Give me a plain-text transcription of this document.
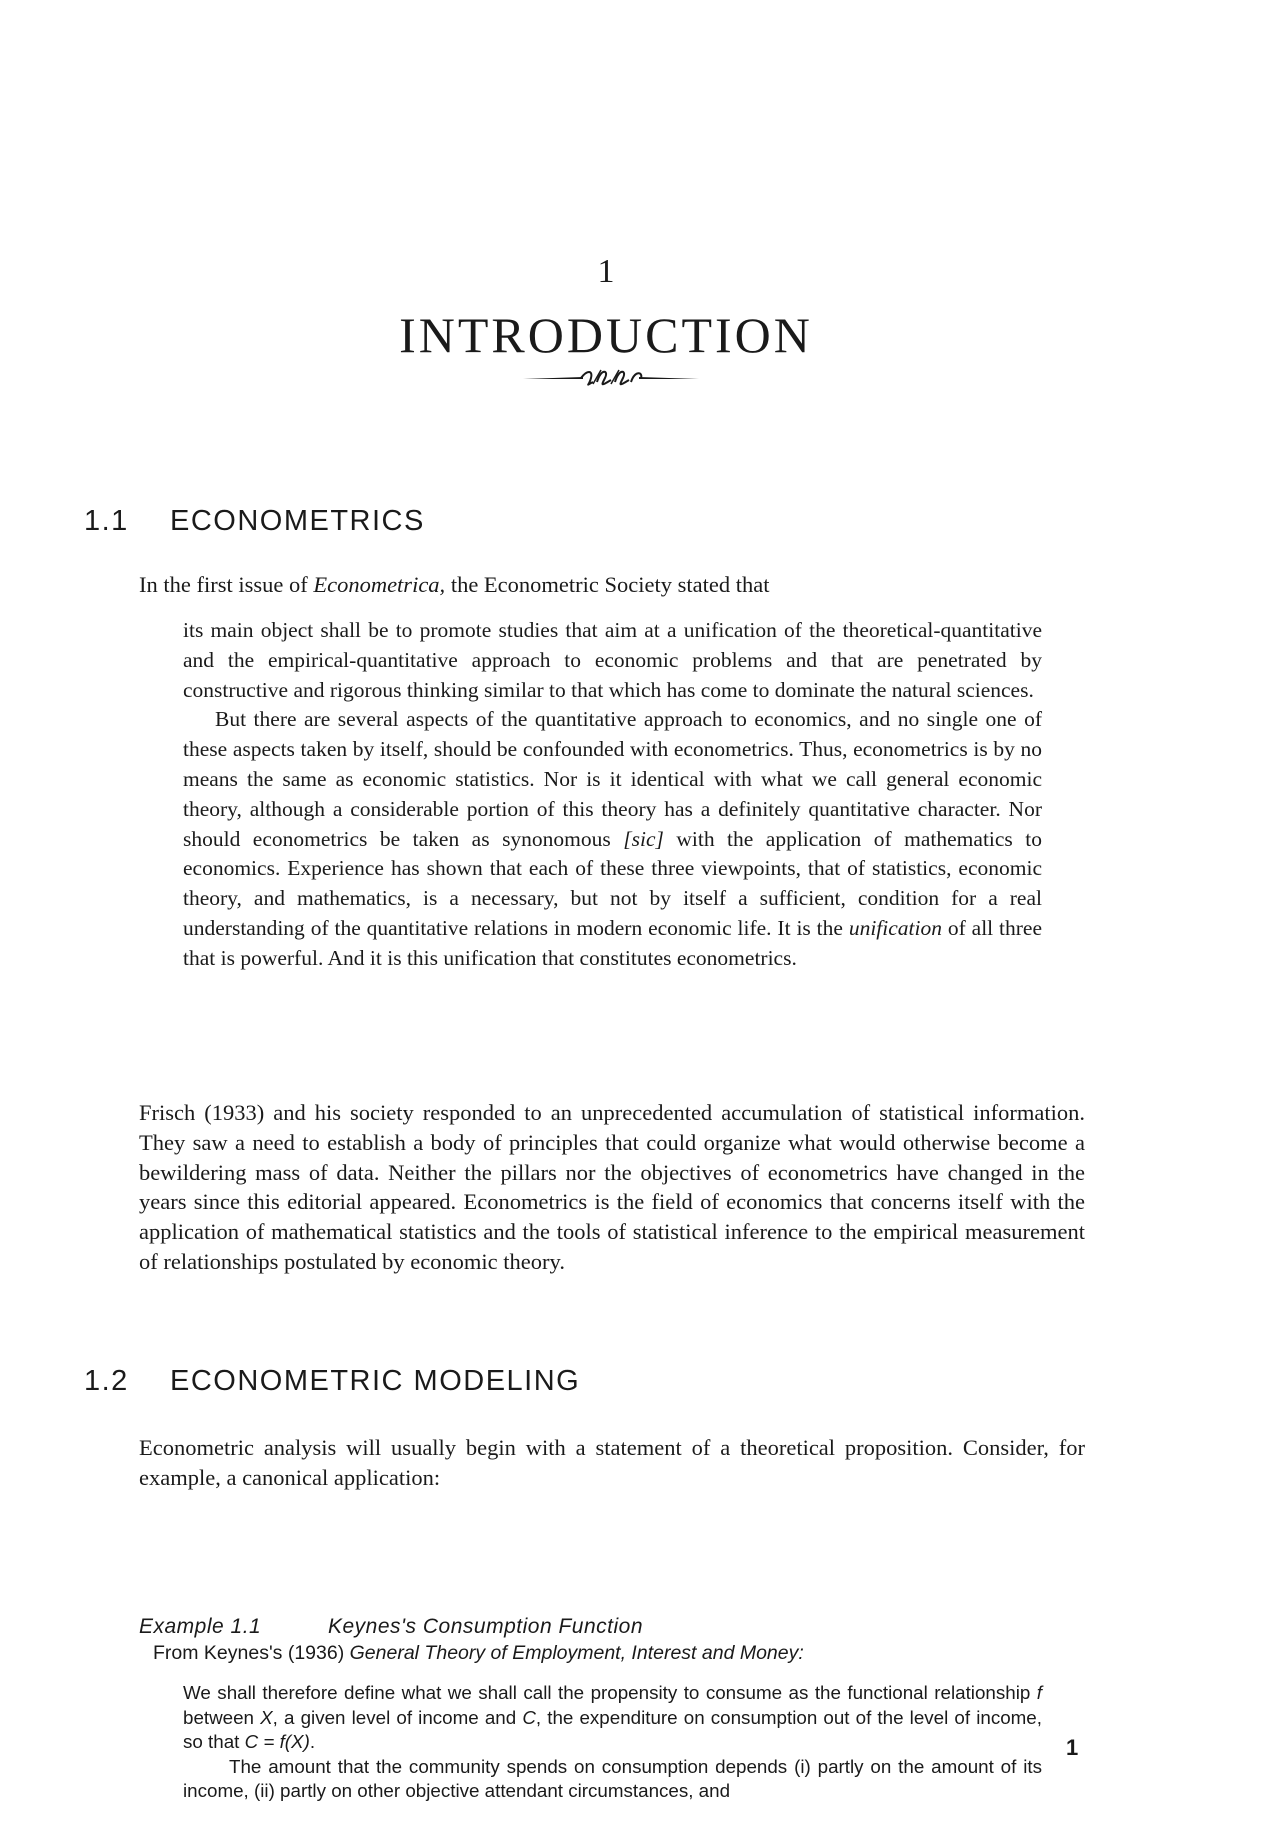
1
INTRODUCTION
1.1 ECONOMETRICS

In the first issue of Econometrica, the Econometric Society stated that

its main object shall be to promote studies that aim at a unification of the theoretical-quantitative and the empirical-quantitative approach to economic problems and that are penetrated by constructive and rigorous thinking similar to that which has come to dominate the natural sciences.

But there are several aspects of the quantitative approach to economics, and no single one of these aspects taken by itself, should be confounded with econometrics. Thus, econometrics is by no means the same as economic statistics. Nor is it identical with what we call general economic theory, although a considerable portion of this theory has a definitely quantitative character. Nor should econometrics be taken as synonomous [sic] with the application of mathematics to economics. Experience has shown that each of these three viewpoints, that of statistics, economic theory, and mathematics, is a necessary, but not by itself a sufficient, condition for a real understanding of the quantitative relations in modern economic life. It is the unification of all three that is powerful. And it is this unification that constitutes econometrics.

Frisch (1933) and his society responded to an unprecedented accumulation of statistical information. They saw a need to establish a body of principles that could organize what would otherwise become a bewildering mass of data. Neither the pillars nor the objectives of econometrics have changed in the years since this editorial appeared. Econometrics is the field of economics that concerns itself with the application of mathematical statistics and the tools of statistical inference to the empirical measurement of relationships postulated by economic theory.

1.2 ECONOMETRIC MODELING

Econometric analysis will usually begin with a statement of a theoretical proposition. Consider, for example, a canonical application:

Example 1.1	Keynes's Consumption Function
From Keynes's (1936) General Theory of Employment, Interest and Money:

We shall therefore define what we shall call the propensity to consume as the functional relationship f between X, a given level of income and C, the expenditure on consumption out of the level of income, so that C = f(X).

The amount that the community spends on consumption depends (i) partly on the amount of its income, (ii) partly on other objective attendant circumstances, and

1
